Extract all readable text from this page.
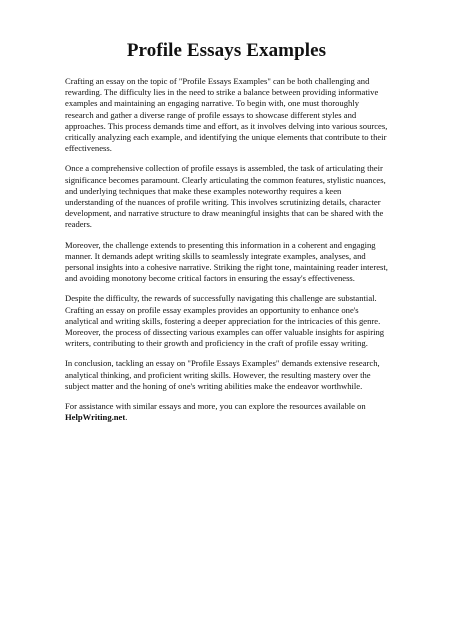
Profile Essays Examples

Crafting an essay on the topic of "Profile Essays Examples" can be both challenging and rewarding. The difficulty lies in the need to strike a balance between providing informative examples and maintaining an engaging narrative. To begin with, one must thoroughly research and gather a diverse range of profile essays to showcase different styles and approaches. This process demands time and effort, as it involves delving into various sources, critically analyzing each example, and identifying the unique elements that contribute to their effectiveness.

Once a comprehensive collection of profile essays is assembled, the task of articulating their significance becomes paramount. Clearly articulating the common features, stylistic nuances, and underlying techniques that make these examples noteworthy requires a keen understanding of the nuances of profile writing. This involves scrutinizing details, character development, and narrative structure to draw meaningful insights that can be shared with the readers.

Moreover, the challenge extends to presenting this information in a coherent and engaging manner. It demands adept writing skills to seamlessly integrate examples, analyses, and personal insights into a cohesive narrative. Striking the right tone, maintaining reader interest, and avoiding monotony become critical factors in ensuring the essay's effectiveness.

Despite the difficulty, the rewards of successfully navigating this challenge are substantial. Crafting an essay on profile essay examples provides an opportunity to enhance one's analytical and writing skills, fostering a deeper appreciation for the intricacies of this genre. Moreover, the process of dissecting various examples can offer valuable insights for aspiring writers, contributing to their growth and proficiency in the craft of profile essay writing.

In conclusion, tackling an essay on "Profile Essays Examples" demands extensive research, analytical thinking, and proficient writing skills. However, the resulting mastery over the subject matter and the honing of one's writing abilities make the endeavor worthwhile.

For assistance with similar essays and more, you can explore the resources available on HelpWriting.net.
